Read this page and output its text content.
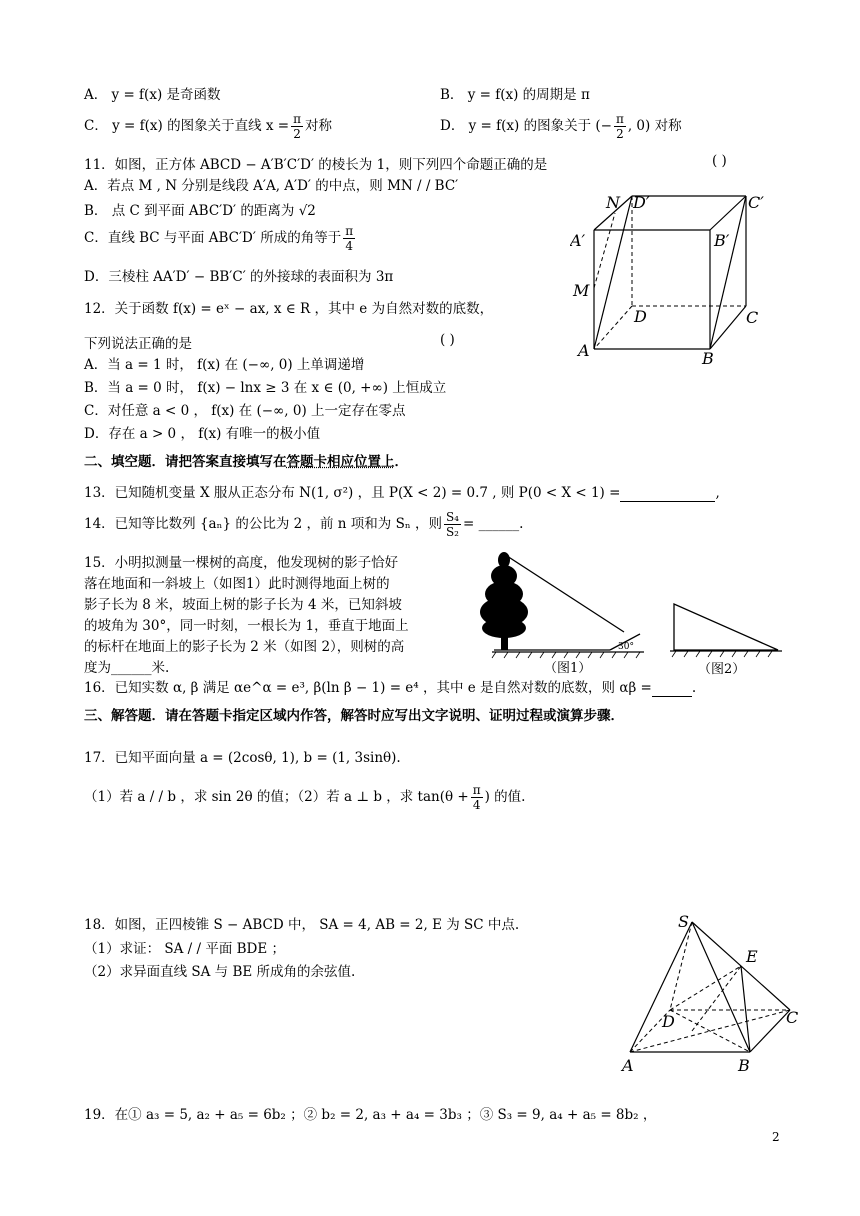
A． y = f(x) 是奇函数	B． y = f(x) 的周期是 π
C． y = f(x) 的图象关于直线 $x = \frac{\pi}{2}$ 对称	D． y = f(x) 的图象关于 (− $\frac{\pi}{2}$ , 0) 对称
11．如图，正方体 ABCD − A′B′C′D′ 的棱长为 1，则下列四个命题正确的是	( )
A．若点 M , N 分别是线段 A′A, A′D′ 的中点，则 MN / / BC′
B． 点 C 到平面 ABC′D′ 的距离为 √2
C．直线 BC 与平面 ABC′D′ 所成的角等于 $\frac{\pi}{4}$
D．三棱柱 AA′D′ − BB′C′ 的外接球的表面积为 3π
A′	B′
C′
D′
N
M
D	C
A	B
12．关于函数 f(x) = eˣ − ax, x ∈ R ，其中 e 为自然对数的底数，
下列说法正确的是	( )
A．当 a = 1 时， f(x) 在 (−∞, 0) 上单调递增
B．当 a = 0 时， f(x) − lnx ≥ 3 在 x ∈ (0, +∞) 上恒成立
C．对任意 a < 0 ， f(x) 在 (−∞, 0) 上一定存在零点
D．存在 a > 0 ， f(x) 有唯一的极小值
二、填空题．请把答案直接填写在答题卡相应位置上．
13．已知随机变量 X 服从正态分布 N(1, σ²) ，且 P(X < 2) = 0.7 , 则 P(0 < X < 1) =	,
14．已知等比数列 {aₙ} 的公比为 2 ，前 n 项和为 Sₙ ，则 $\frac{\text{S₄}}{\text{S₂}}$ = ______.
15．小明拟测量一棵树的高度，他发现树的影子恰好
落在地面和一斜坡上（如图1）此时测得地面上树的
影子长为 8 米，坡面上树的影子长为 4 米，已知斜坡
的坡角为 30°，同一时刻，一根长为 1，垂直于地面上
的标杆在地面上的影子长为 2 米（如图 2），则树的高
度为______米.
30°
（图1）	（图2）
16．已知实数 α, β 满足 αe^α = e³, β(ln β − 1) = e⁴ ，其中 e 是自然对数的底数，则 αβ =	.
三、解答题．请在答题卡指定区域内作答，解答时应写出文字说明、证明过程或演算步骤．
17．已知平面向量 a = (2cosθ, 1), b = (1, 3sinθ).
（1）若 a / / b ，求 sin 2θ 的值；（2）若 a ⊥ b ，求 $\tan(\theta + \frac{\pi}{4}$ ) 的值.
18．如图，正四棱锥 S − ABCD 中， SA = 4, AB = 2, E 为 SC 中点.
（1）求证： SA / / 平面 BDE ；
（2）求异面直线 SA 与 BE 所成角的余弦值.
S
E
D	C
A	B
19．在① a₃ = 5, a₂ + a₅ = 6b₂ ；② b₂ = 2, a₃ + a₄ = 3b₃ ；③ S₃ = 9, a₄ + a₅ = 8b₂ ，
2
